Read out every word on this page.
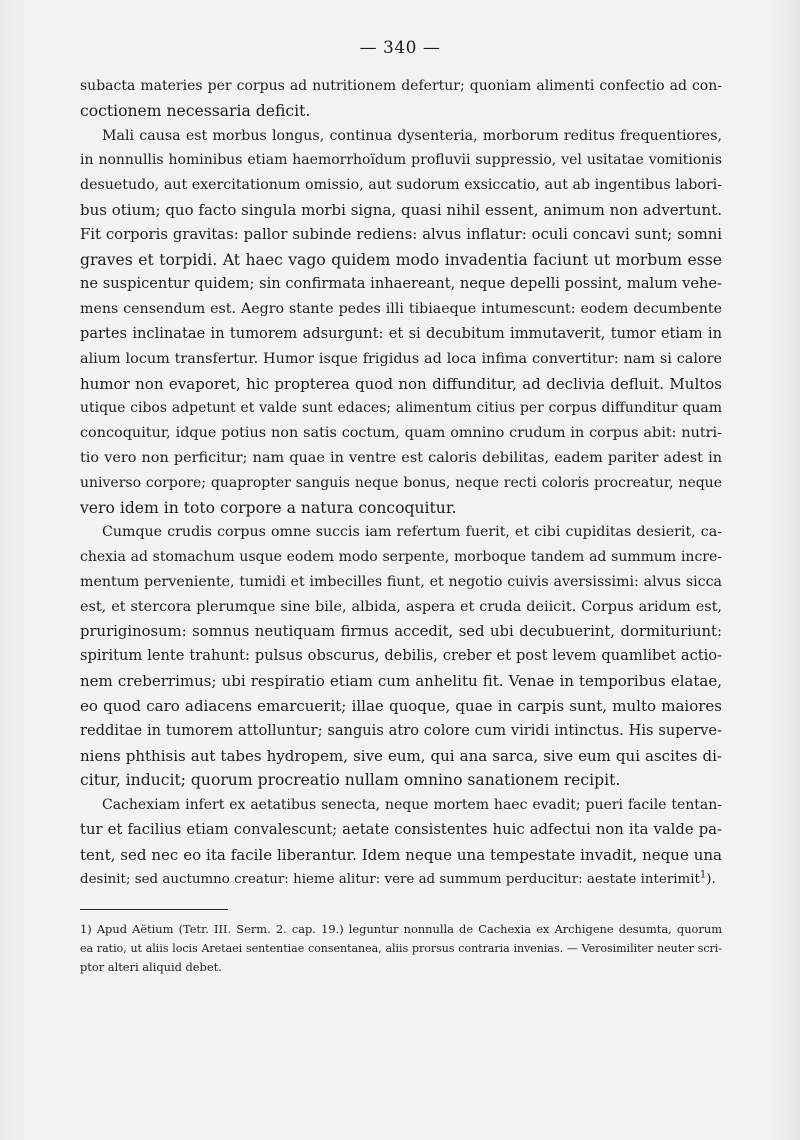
— 340 —

subacta materies per corpus ad nutritionem defertur; quoniam alimenti confectio ad con-
coctionem necessaria deficit.

Mali causa est morbus longus, continua dysenteria, morborum reditus frequentiores,
in nonnullis hominibus etiam haemorrhoïdum profluvii suppressio, vel usitatae vomitionis
desuetudo, aut exercitationum omissio, aut sudorum exsiccatio, aut ab ingentibus labori-
bus otium; quo facto singula morbi signa, quasi nihil essent, animum non advertunt.
Fit corporis gravitas: pallor subinde rediens: alvus inflatur: oculi concavi sunt; somni
graves et torpidi. At haec vago quidem modo invadentia faciunt ut morbum esse
ne suspicentur quidem; sin confirmata inhaereant, neque depelli possint, malum vehe-
mens censendum est. Aegro stante pedes illi tibiaeque intumescunt: eodem decumbente
partes inclinatae in tumorem adsurgunt: et si decubitum immutaverit, tumor etiam in
alium locum transfertur. Humor isque frigidus ad loca infima convertitur: nam si calore
humor non evaporet, hic propterea quod non diffunditur, ad declivia defluit. Multos
utique cibos adpetunt et valde sunt edaces; alimentum citius per corpus diffunditur quam
concoquitur, idque potius non satis coctum, quam omnino crudum in corpus abit: nutri-
tio vero non perficitur; nam quae in ventre est caloris debilitas, eadem pariter adest in
universo corpore; quapropter sanguis neque bonus, neque recti coloris procreatur, neque
vero idem in toto corpore a natura concoquitur.

Cumque crudis corpus omne succis iam refertum fuerit, et cibi cupiditas desierit, ca-
chexia ad stomachum usque eodem modo serpente, morboque tandem ad summum incre-
mentum perveniente, tumidi et imbecilles fiunt, et negotio cuivis aversissimi: alvus sicca
est, et stercora plerumque sine bile, albida, aspera et cruda deiicit. Corpus aridum est,
pruriginosum: somnus neutiquam firmus accedit, sed ubi decubuerint, dormituriunt:
spiritum lente trahunt: pulsus obscurus, debilis, creber et post levem quamlibet actio-
nem creberrimus; ubi respiratio etiam cum anhelitu fit. Venae in temporibus elatae,
eo quod caro adiacens emarcuerit; illae quoque, quae in carpis sunt, multo maiores
redditae in tumorem attolluntur; sanguis atro colore cum viridi intinctus. His superve-
niens phthisis aut tabes hydropem, sive eum, qui ana sarca, sive eum qui ascites di-
citur, inducit; quorum procreatio nullam omnino sanationem recipit.

Cachexiam infert ex aetatibus senecta, neque mortem haec evadit; pueri facile tentan-
tur et facilius etiam convalescunt; aetate consistentes huic adfectui non ita valde pa-
tent, sed nec eo ita facile liberantur. Idem neque una tempestate invadit, neque una
desinit; sed auctumno creatur: hieme alitur: vere ad summum perducitur: aestate interimit$^1$).

1) Apud Aëtium (Tetr. III. Serm. 2. cap. 19.) leguntur nonnulla de Cachexia ex Archigene desumta, quorum
ea ratio, ut aliis locis Aretaei sententiae consentanea, aliis prorsus contraria invenias. — Verosimiliter neuter scri-
ptor alteri aliquid debet.
